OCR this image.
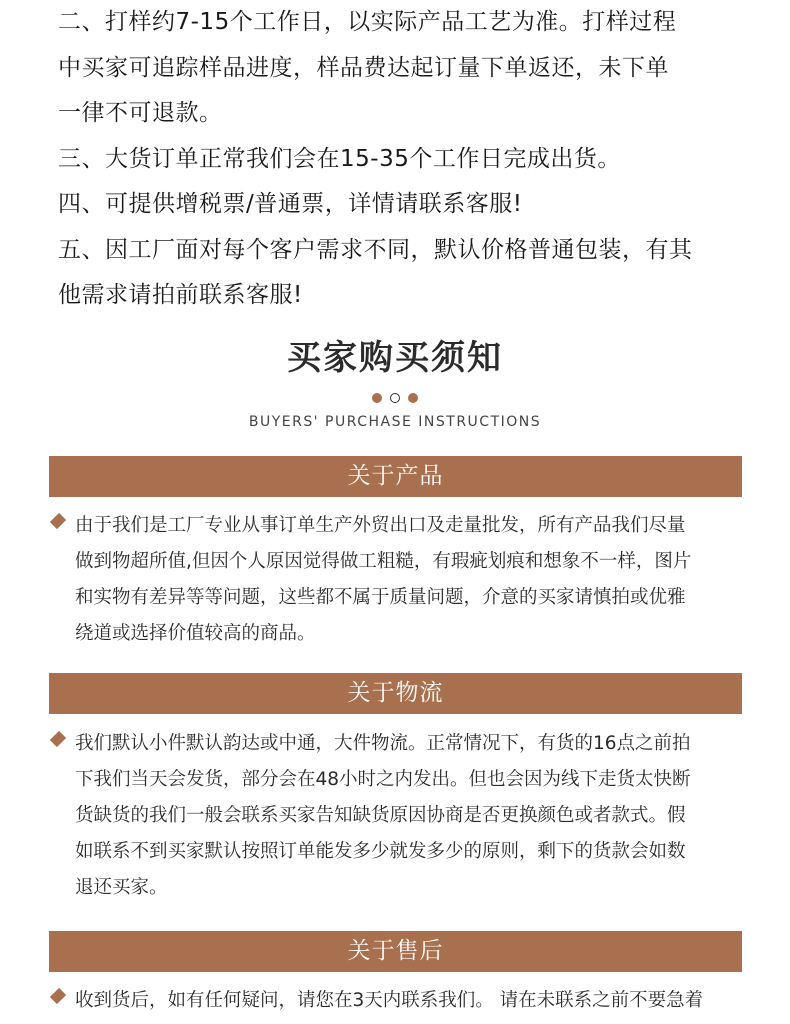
二、打样约7-15个工作日，以实际产品工艺为准。打样过程

中买家可追踪样品进度，样品费达起订量下单返还，未下单

一律不可退款。

三、大货订单正常我们会在15-35个工作日完成出货。

四、可提供增税票/普通票，详情请联系客服!

五、因工厂面对每个客户需求不同，默认价格普通包装，有其

他需求请拍前联系客服!

买家购买须知
BUYERS' PURCHASE INSTRUCTIONS
关于产品

由于我们是工厂专业从事订单生产外贸出口及走量批发，所有产品我们尽量
做到物超所值,但因个人原因觉得做工粗糙，有瑕疵划痕和想象不一样，图片
和实物有差异等等问题，这些都不属于质量问题，介意的买家请慎拍或优雅
绕道或选择价值较高的商品。

关于物流

我们默认小件默认韵达或中通，大件物流。正常情况下，有货的16点之前拍
下我们当天会发货，部分会在48小时之内发出。但也会因为线下走货太快断
货缺货的我们一般会联系买家告知缺货原因协商是否更换颜色或者款式。假
如联系不到买家默认按照订单能发多少就发多少的原则，剩下的货款会如数
退还买家。

关于售后

收到货后，如有任何疑问，请您在3天内联系我们。 请在未联系之前不要急着
